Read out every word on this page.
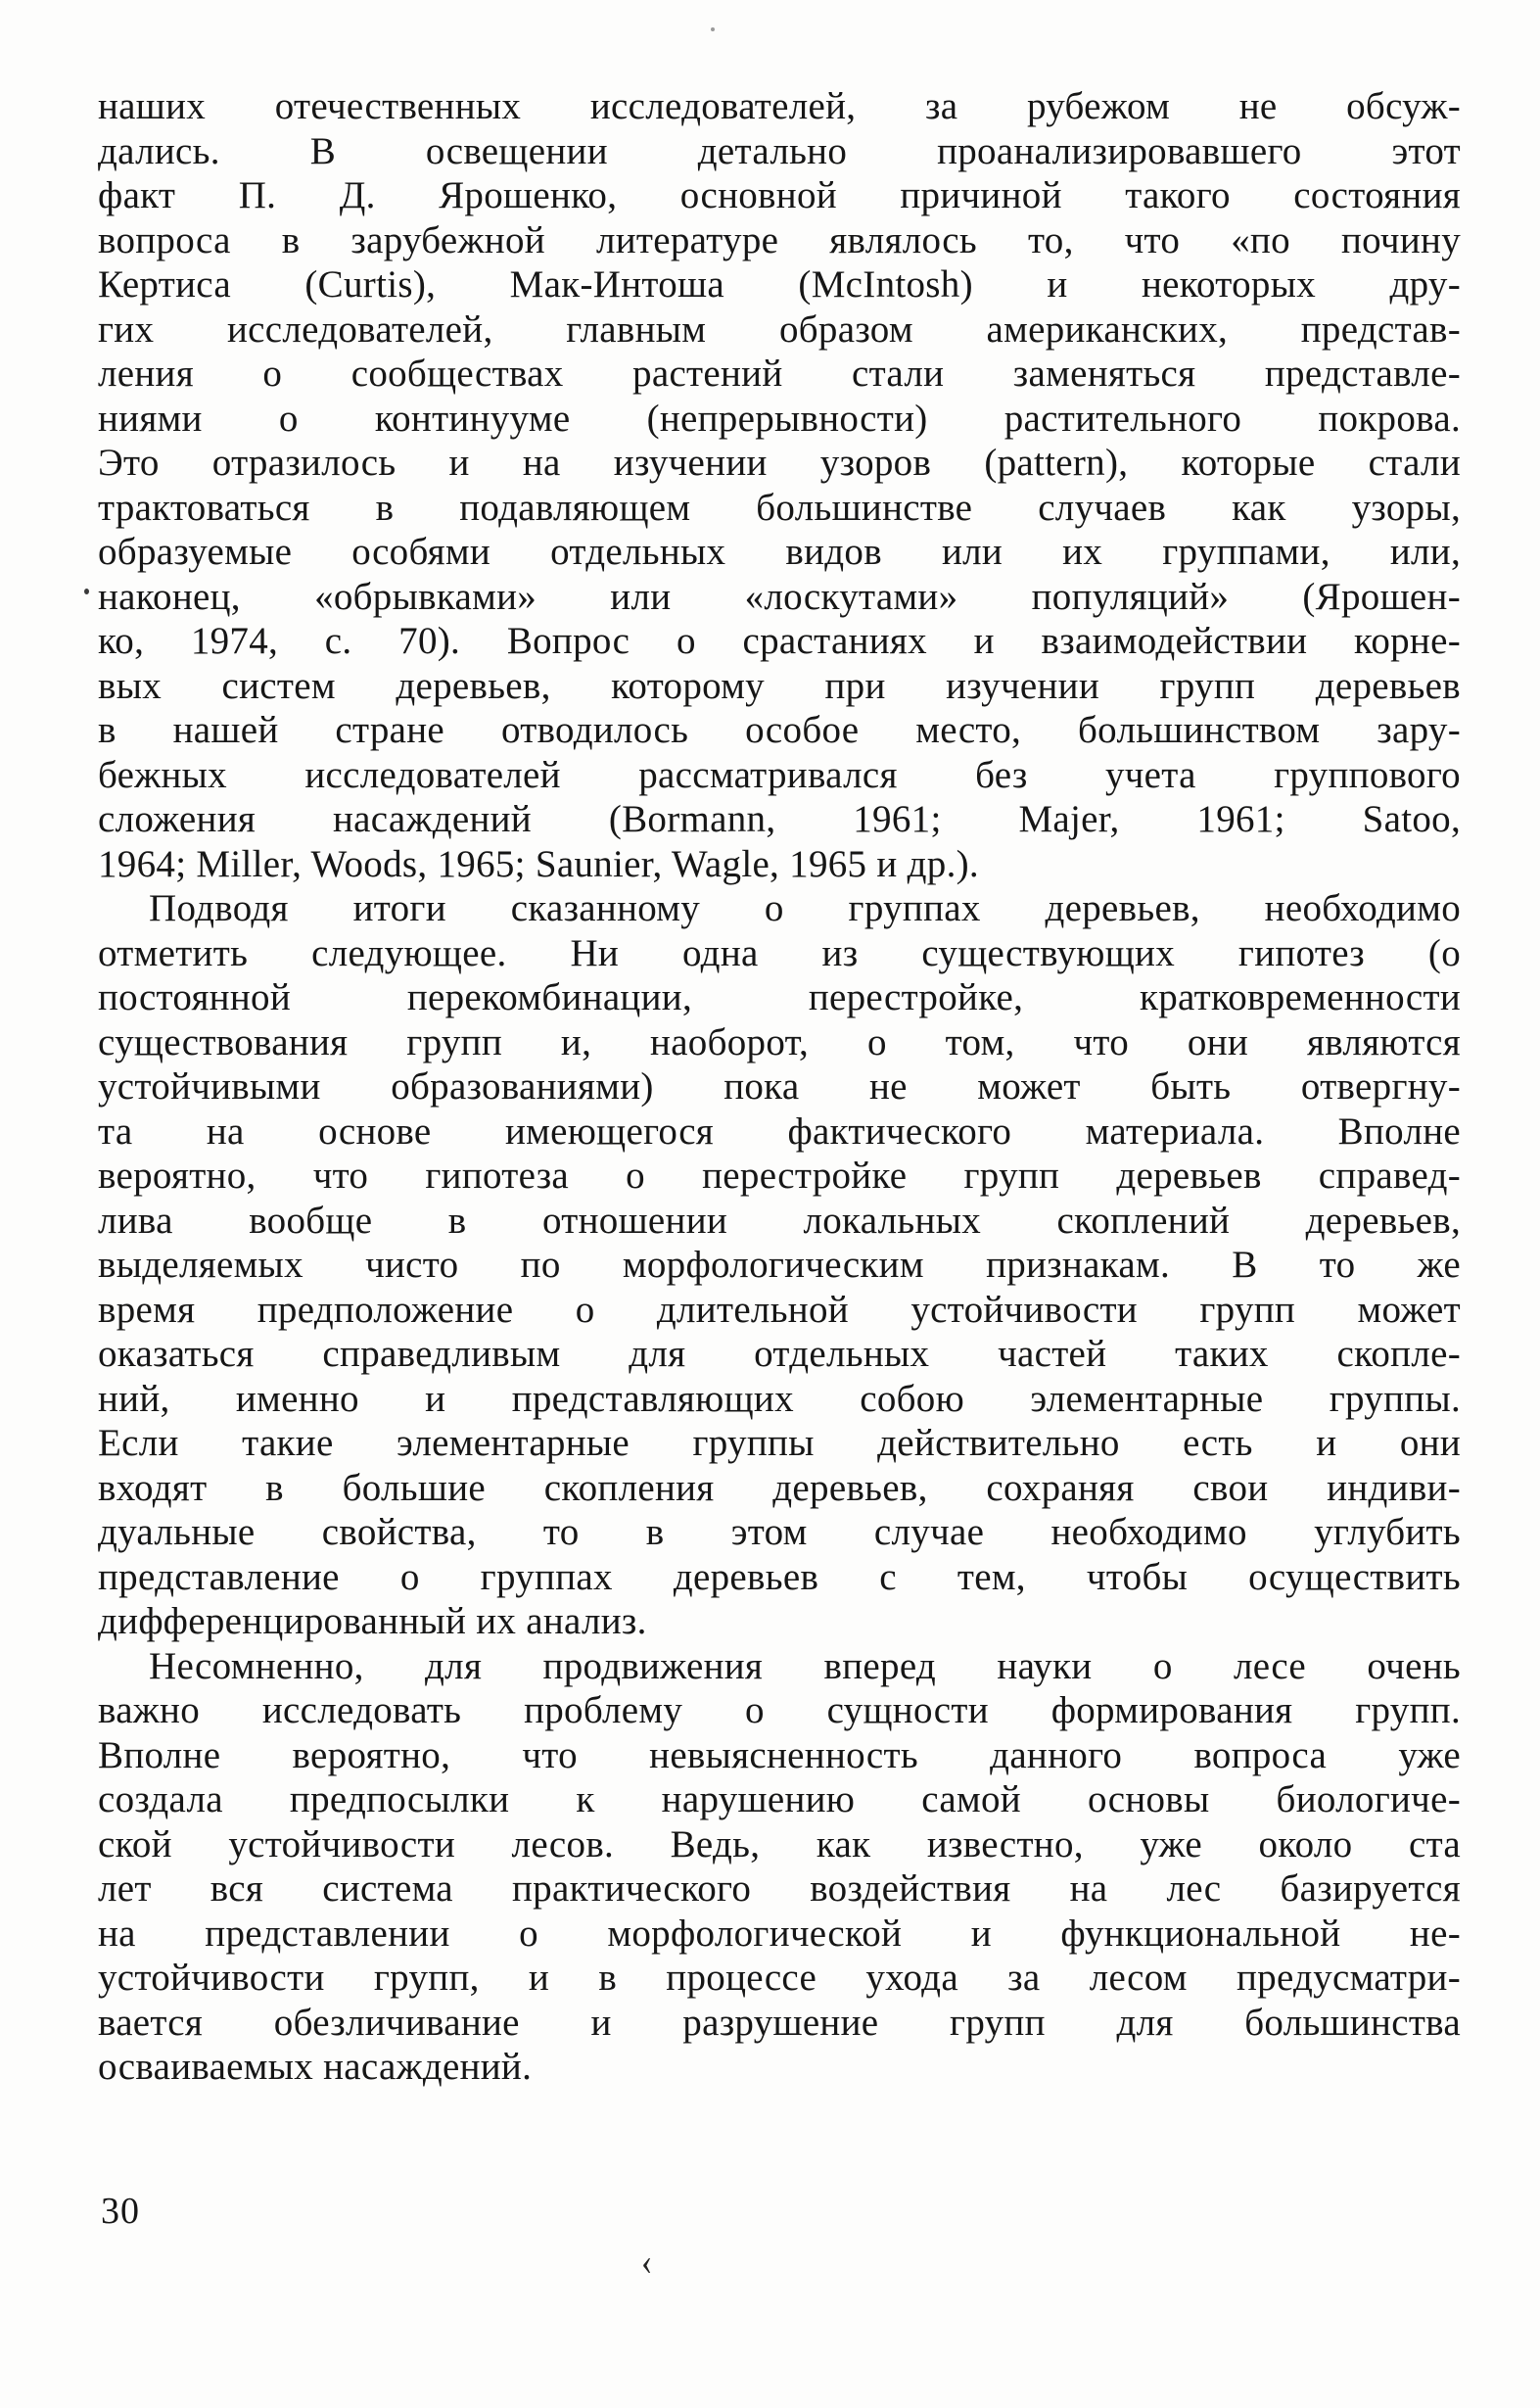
наших отечественных исследователей, за рубежом не обсуж-
дались. В освещении детально проанализировавшего этот
факт П. Д. Ярошенко, основной причиной такого состояния
вопроса в зарубежной литературе являлось то, что «по почину
Кертиса (Curtis), Мак-Интоша (McIntosh) и некоторых дру-
гих исследователей, главным образом американских, представ-
ления о сообществах растений стали заменяться представле-
ниями о континууме (непрерывности) растительного покрова.
Это отразилось и на изучении узоров (pattern), которые стали
трактоваться в подавляющем большинстве случаев как узоры,
образуемые особями отдельных видов или их группами, или,
наконец, «обрывками» или «лоскутами» популяций» (Ярошен-
ко, 1974, с. 70). Вопрос о срастаниях и взаимодействии корне-
вых систем деревьев, которому при изучении групп деревьев
в нашей стране отводилось особое место, большинством зару-
бежных исследователей рассматривался без учета группового
сложения насаждений (Bormann, 1961; Majer, 1961; Satoo,
1964; Miller, Woods, 1965; Saunier, Wagle, 1965 и др.).
Подводя итоги сказанному о группах деревьев, необходимо
отметить следующее. Ни одна из существующих гипотез (о
постоянной перекомбинации, перестройке, кратковременности
существования групп и, наоборот, о том, что они являются
устойчивыми образованиями) пока не может быть отвергну-
та на основе имеющегося фактического материала. Вполне
вероятно, что гипотеза о перестройке групп деревьев справед-
лива вообще в отношении локальных скоплений деревьев,
выделяемых чисто по морфологическим признакам. В то же
время предположение о длительной устойчивости групп может
оказаться справедливым для отдельных частей таких скопле-
ний, именно и представляющих собою элементарные группы.
Если такие элементарные группы действительно есть и они
входят в большие скопления деревьев, сохраняя свои индиви-
дуальные свойства, то в этом случае необходимо углубить
представление о группах деревьев с тем, чтобы осуществить
дифференцированный их анализ.
Несомненно, для продвижения вперед науки о лесе очень
важно исследовать проблему о сущности формирования групп.
Вполне вероятно, что невыясненность данного вопроса уже
создала предпосылки к нарушению самой основы биологиче-
ской устойчивости лесов. Ведь, как известно, уже около ста
лет вся система практического воздействия на лес базируется
на представлении о морфологической и функциональной не-
устойчивости групп, и в процессе ухода за лесом предусматри-
вается обезличивание и разрушение групп для большинства
осваиваемых насаждений.
30
‹
